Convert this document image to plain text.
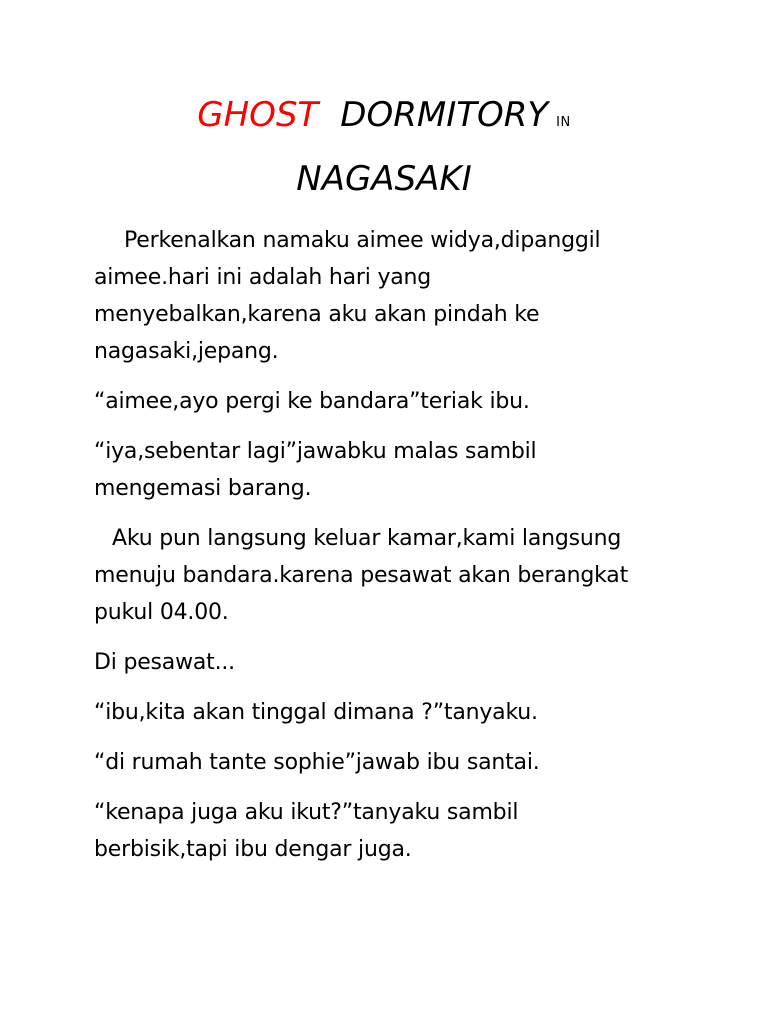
GHOST DORMITORY IN
NAGASAKI

Perkenalkan namaku aimee widya,dipanggil
aimee.hari ini adalah hari yang
menyebalkan,karena aku akan pindah ke
nagasaki,jepang.

“aimee,ayo pergi ke bandara”teriak ibu.

“iya,sebentar lagi”jawabku malas sambil
mengemasi barang.

Aku pun langsung keluar kamar,kami langsung
menuju bandara.karena pesawat akan berangkat
pukul 04.00.

Di pesawat...

“ibu,kita akan tinggal dimana ?”tanyaku.

“di rumah tante sophie”jawab ibu santai.

“kenapa juga aku ikut?”tanyaku sambil
berbisik,tapi ibu dengar juga.
